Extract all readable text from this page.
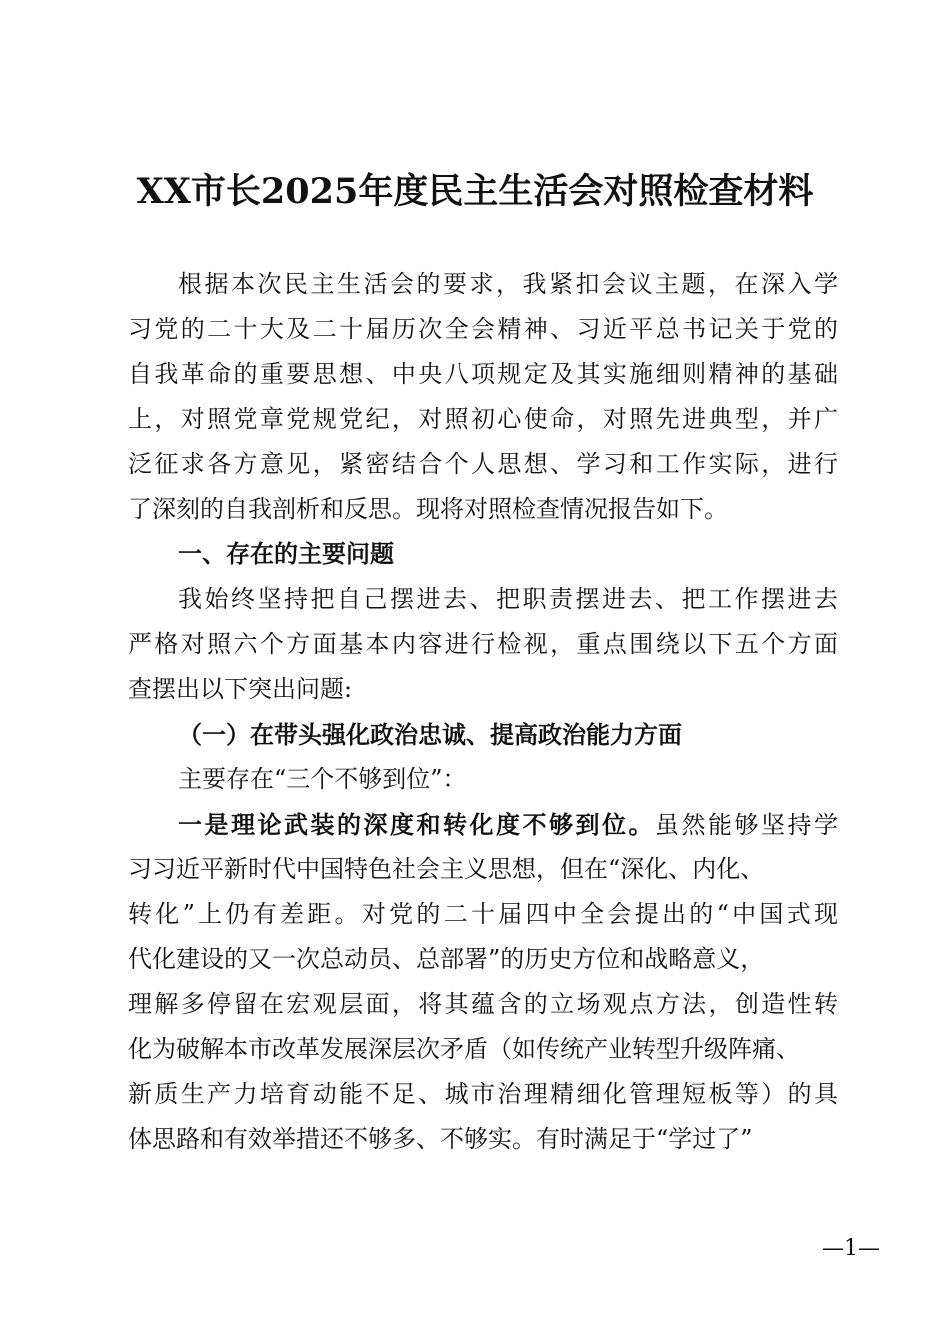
XX市长2025年度民主生活会对照检查材料
根据本次民主生活会的要求，我紧扣会议主题，在深入学
习党的二十大及二十届历次全会精神、习近平总书记关于党的
自我革命的重要思想、中央八项规定及其实施细则精神的基础
上，对照党章党规党纪，对照初心使命，对照先进典型，并广
泛征求各方意见，紧密结合个人思想、学习和工作实际，进行
了深刻的自我剖析和反思。现将对照检查情况报告如下。
一、存在的主要问题
我始终坚持把自己摆进去、把职责摆进去、把工作摆进去
严格对照六个方面基本内容进行检视，重点围绕以下五个方面
查摆出以下突出问题:
（一）在带头强化政治忠诚、提高政治能力方面
主要存在“三个不够到位”：
一是理论武装的深度和转化度不够到位。虽然能够坚持学
习习近平新时代中国特色社会主义思想，但在“深化、内化、
转化”上仍有差距。对党的二十届四中全会提出的“中国式现
代化建设的又一次总动员、总部署”的历史方位和战略意义，
理解多停留在宏观层面，将其蕴含的立场观点方法，创造性转
化为破解本市改革发展深层次矛盾（如传统产业转型升级阵痛、
新质生产力培育动能不足、城市治理精细化管理短板等）的具
体思路和有效举措还不够多、不够实。有时满足于“学过了”
—1—
